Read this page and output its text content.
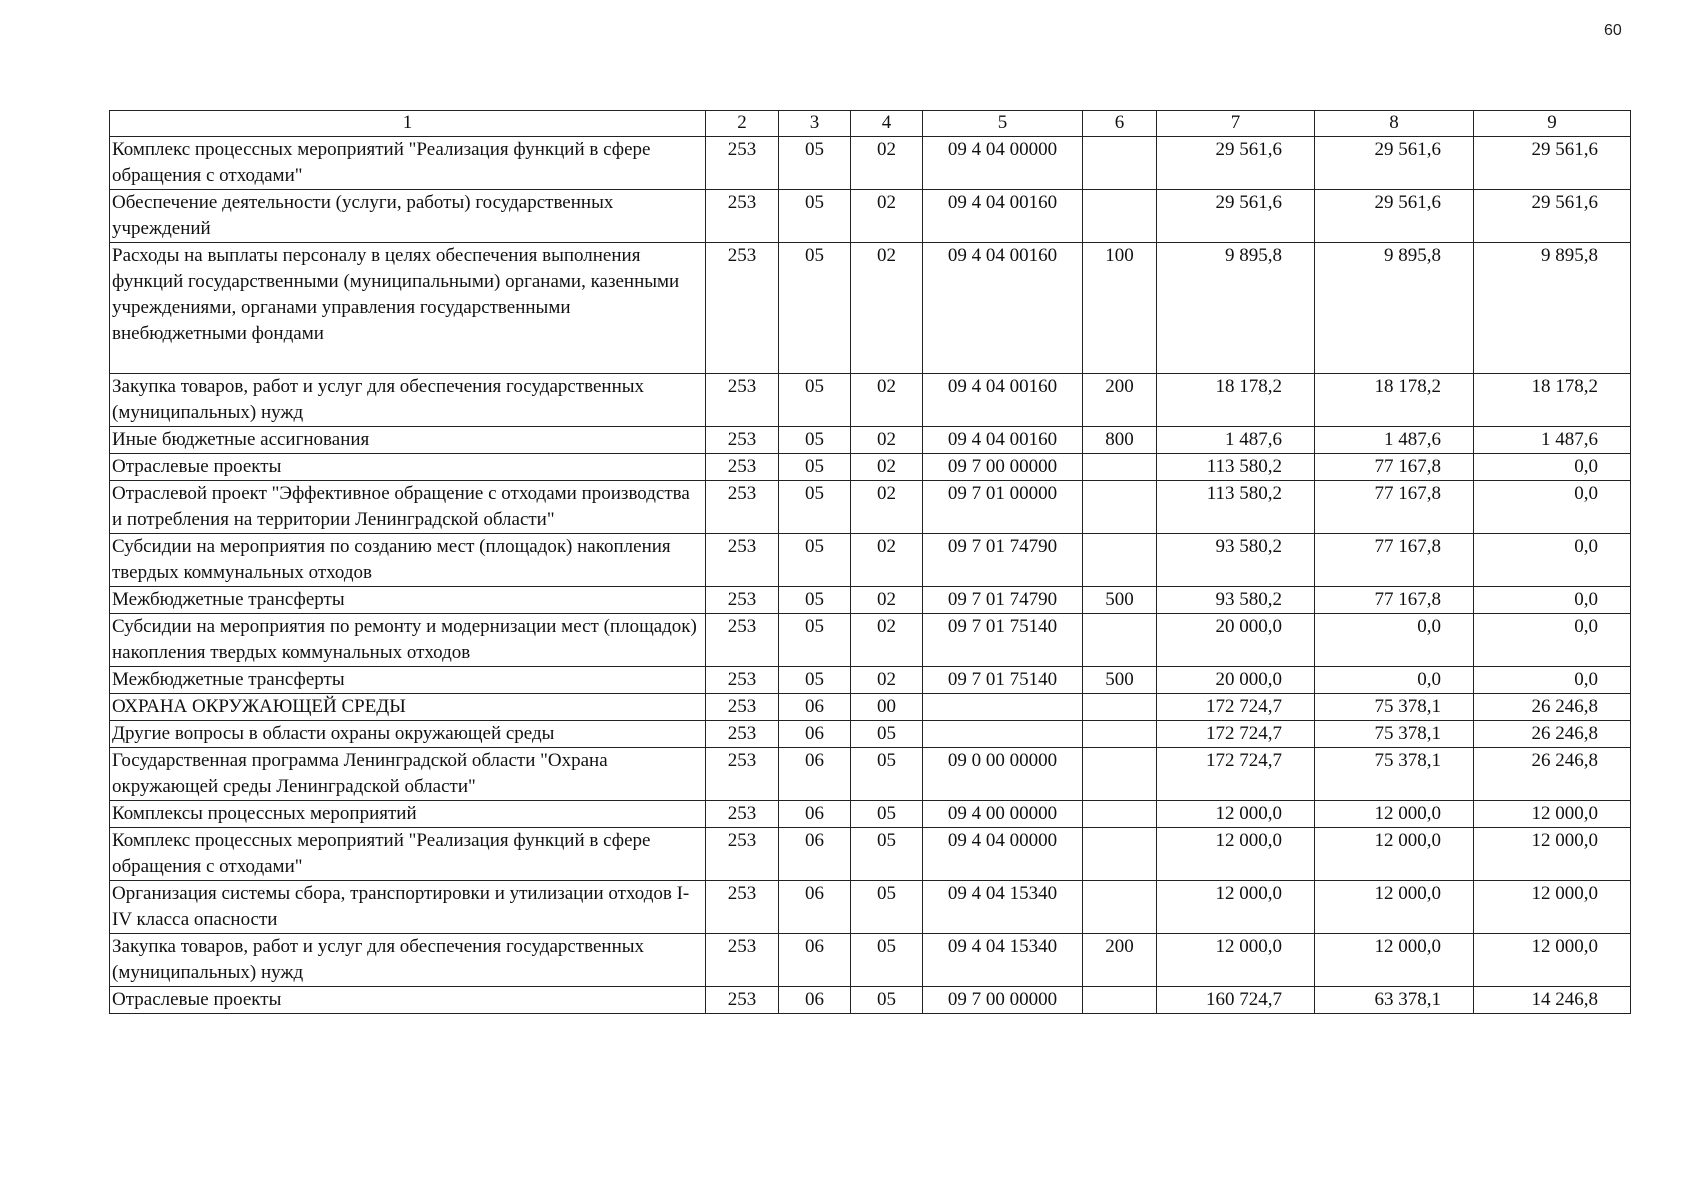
60
1	2	3	4	5	6	7	8	9
Комплекс процессных мероприятий "Реализация функций в сфере обращения с отходами"	253	05	02	09 4 04 00000		29 561,6	29 561,6	29 561,6
Обеспечение деятельности (услуги, работы) государственных учреждений	253	05	02	09 4 04 00160		29 561,6	29 561,6	29 561,6
Расходы на выплаты персоналу в целях обеспечения выполнения функций государственными (муниципальными) органами, казенными учреждениями, органами управления государственными внебюджетными фондами	253	05	02	09 4 04 00160	100	9 895,8	9 895,8	9 895,8
Закупка товаров, работ и услуг для обеспечения государственных (муниципальных) нужд	253	05	02	09 4 04 00160	200	18 178,2	18 178,2	18 178,2
Иные бюджетные ассигнования	253	05	02	09 4 04 00160	800	1 487,6	1 487,6	1 487,6
Отраслевые проекты	253	05	02	09 7 00 00000		113 580,2	77 167,8	0,0
Отраслевой проект "Эффективное обращение с отходами производства и потребления на территории Ленинградской области"	253	05	02	09 7 01 00000		113 580,2	77 167,8	0,0
Субсидии на мероприятия по созданию мест (площадок) накопления твердых коммунальных отходов	253	05	02	09 7 01 74790		93 580,2	77 167,8	0,0
Межбюджетные трансферты	253	05	02	09 7 01 74790	500	93 580,2	77 167,8	0,0
Субсидии на мероприятия по ремонту и модернизации мест (площадок) накопления твердых коммунальных отходов	253	05	02	09 7 01 75140		20 000,0	0,0	0,0
Межбюджетные трансферты	253	05	02	09 7 01 75140	500	20 000,0	0,0	0,0
ОХРАНА ОКРУЖАЮЩЕЙ СРЕДЫ	253	06	00			172 724,7	75 378,1	26 246,8
Другие вопросы в области охраны окружающей среды	253	06	05			172 724,7	75 378,1	26 246,8
Государственная программа Ленинградской области "Охрана окружающей среды Ленинградской области"	253	06	05	09 0 00 00000		172 724,7	75 378,1	26 246,8
Комплексы процессных мероприятий	253	06	05	09 4 00 00000		12 000,0	12 000,0	12 000,0
Комплекс процессных мероприятий "Реализация функций в сфере обращения с отходами"	253	06	05	09 4 04 00000		12 000,0	12 000,0	12 000,0
Организация системы сбора, транспортировки и утилизации отходов I-IV класса опасности	253	06	05	09 4 04 15340		12 000,0	12 000,0	12 000,0
Закупка товаров, работ и услуг для обеспечения государственных (муниципальных) нужд	253	06	05	09 4 04 15340	200	12 000,0	12 000,0	12 000,0
Отраслевые проекты	253	06	05	09 7 00 00000		160 724,7	63 378,1	14 246,8
